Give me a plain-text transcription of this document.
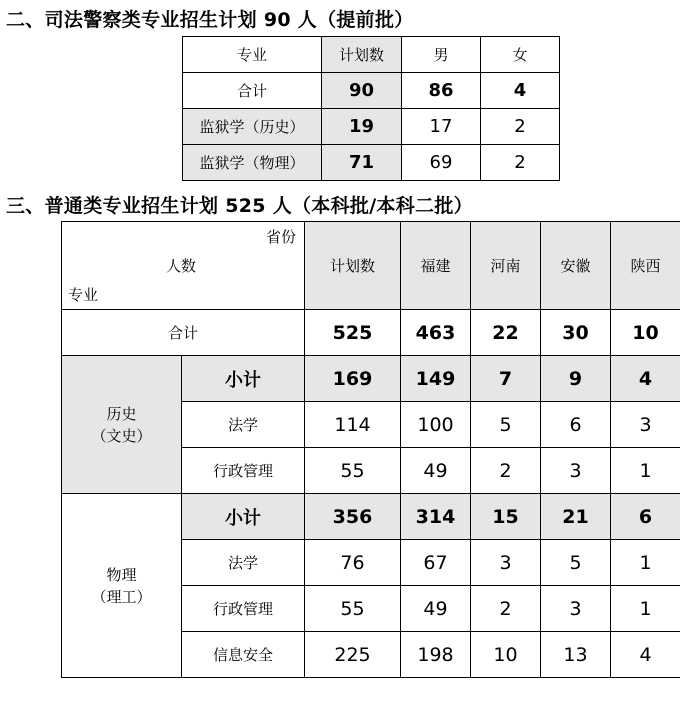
二、司法警察类专业招生计划 90 人（提前批）
专业	计划数	男	女
合计	90	86	4
监狱学（历史）	19	17	2
监狱学（物理）	71	69	2
三、普通类专业招生计划 525 人（本科批/本科二批）
省份
人数
专业		计划数	福建	河南	安徽	陕西
合计		525	463	22	30	10

历史
（文史）	小计	169	149	7	9	4
	法学	114	100	5	6	3
	行政管理	55	49	2	3	1

物理
（理工）	小计	356	314	15	21	6
	法学	76	67	3	5	1
	行政管理	55	49	2	3	1
	信息安全	225	198	10	13	4
